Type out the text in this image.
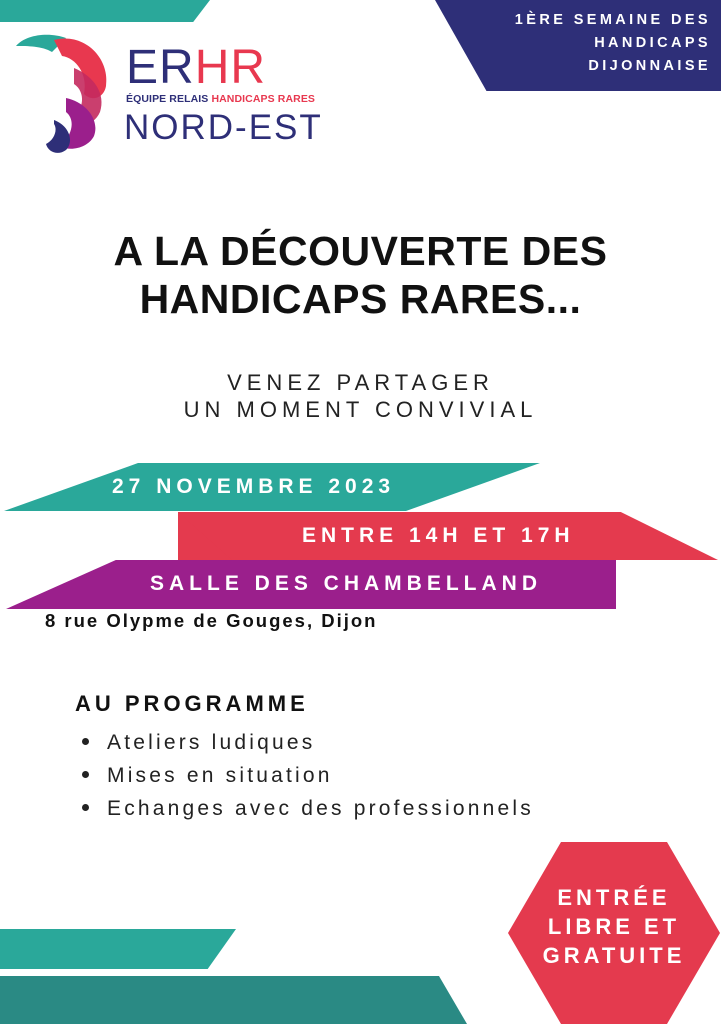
1ÈRE SEMAINE DES
HANDICAPS
DIJONNAISE
ERHR
ÉQUIPE RELAIS HANDICAPS RARES
NORD-EST
A LA DÉCOUVERTE DES
HANDICAPS RARES...
VENEZ PARTAGER
UN MOMENT CONVIVIAL
27 NOVEMBRE 2023
ENTRE 14H ET 17H
SALLE DES CHAMBELLAND
8 rue Olypme de Gouges, Dijon
AU PROGRAMME
Ateliers ludiques
Mises en situation
Echanges avec des professionnels
ENTRÉE
LIBRE ET
GRATUITE
